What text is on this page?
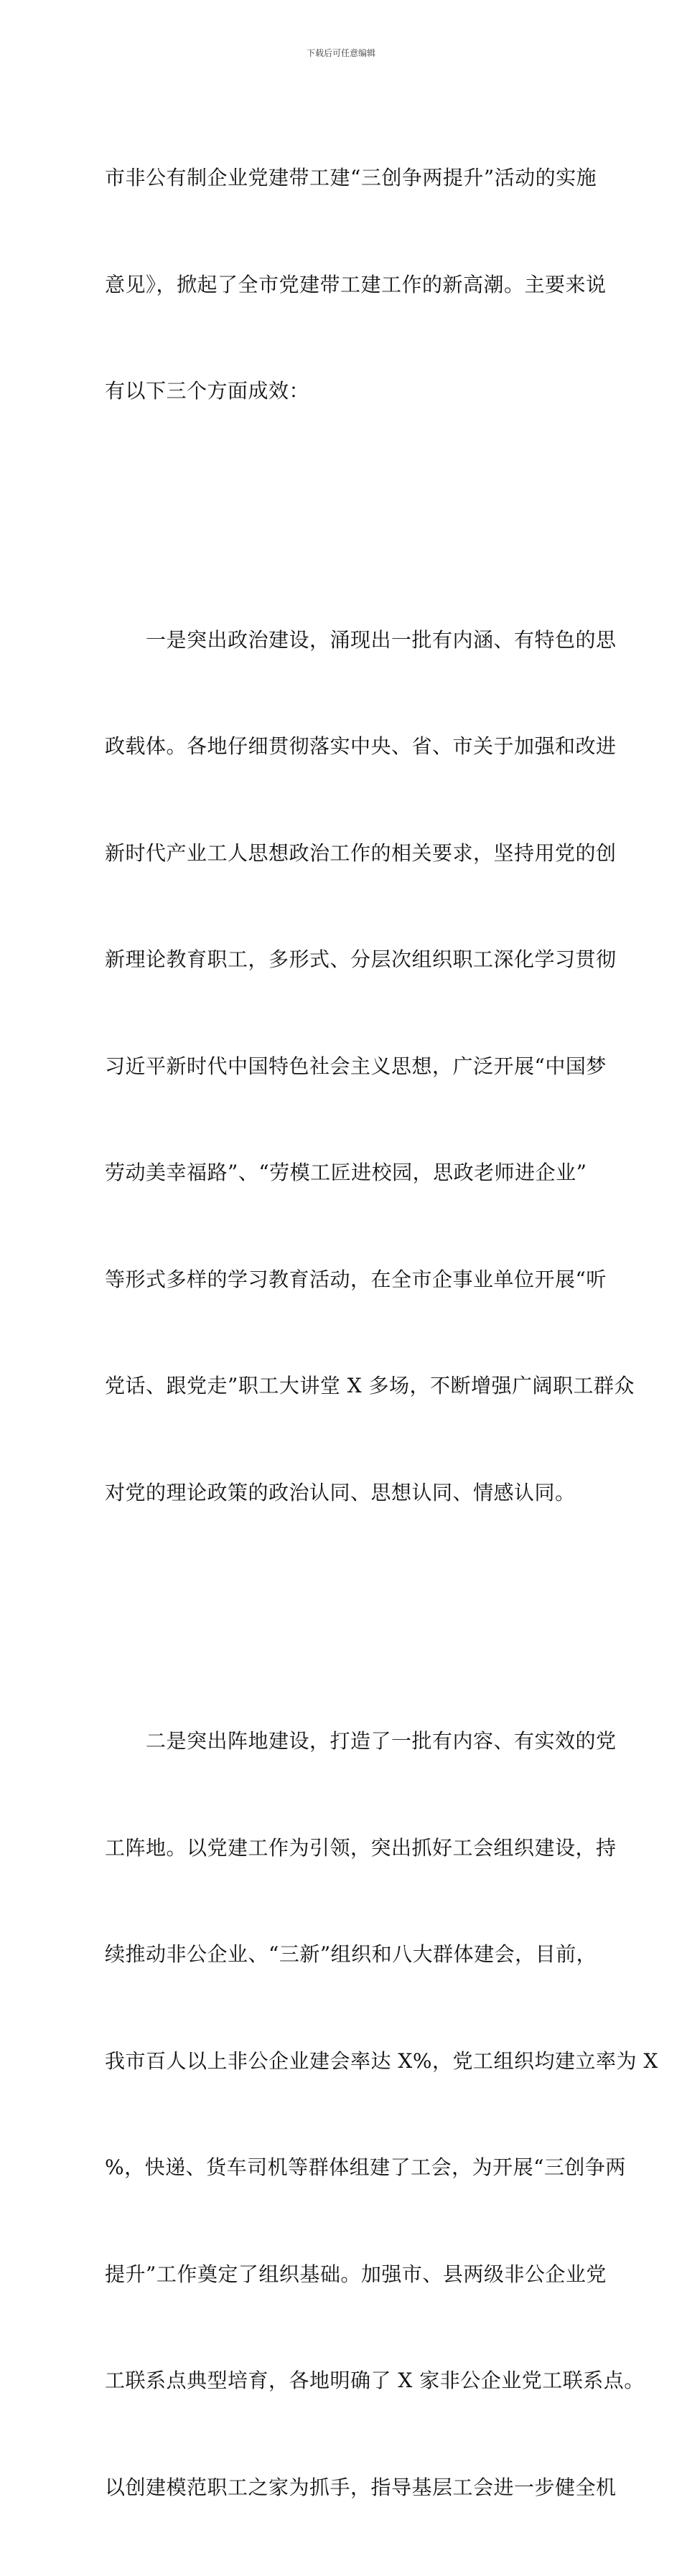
下载后可任意编辑

市非公有制企业党建带工建“三创争两提升”活动的实施

意见》，掀起了全市党建带工建工作的新高潮。主要来说

有以下三个方面成效：

　　一是突出政治建设，涌现出一批有内涵、有特色的思

政载体。各地仔细贯彻落实中央、省、市关于加强和改进

新时代产业工人思想政治工作的相关要求，坚持用党的创

新理论教育职工，多形式、分层次组织职工深化学习贯彻

习近平新时代中国特色社会主义思想，广泛开展“中国梦

劳动美幸福路”、“劳模工匠进校园，思政老师进企业”

等形式多样的学习教育活动，在全市企事业单位开展“听

党话、跟党走”职工大讲堂 X 多场，不断增强广阔职工群众

对党的理论政策的政治认同、思想认同、情感认同。

　　二是突出阵地建设，打造了一批有内容、有实效的党

工阵地。以党建工作为引领，突出抓好工会组织建设，持

续推动非公企业、“三新”组织和八大群体建会，目前，

我市百人以上非公企业建会率达 X%，党工组织均建立率为 X

%，快递、货车司机等群体组建了工会，为开展“三创争两

提升”工作奠定了组织基础。加强市、县两级非公企业党

工联系点典型培育，各地明确了 X 家非公企业党工联系点。

以创建模范职工之家为抓手，指导基层工会进一步健全机
